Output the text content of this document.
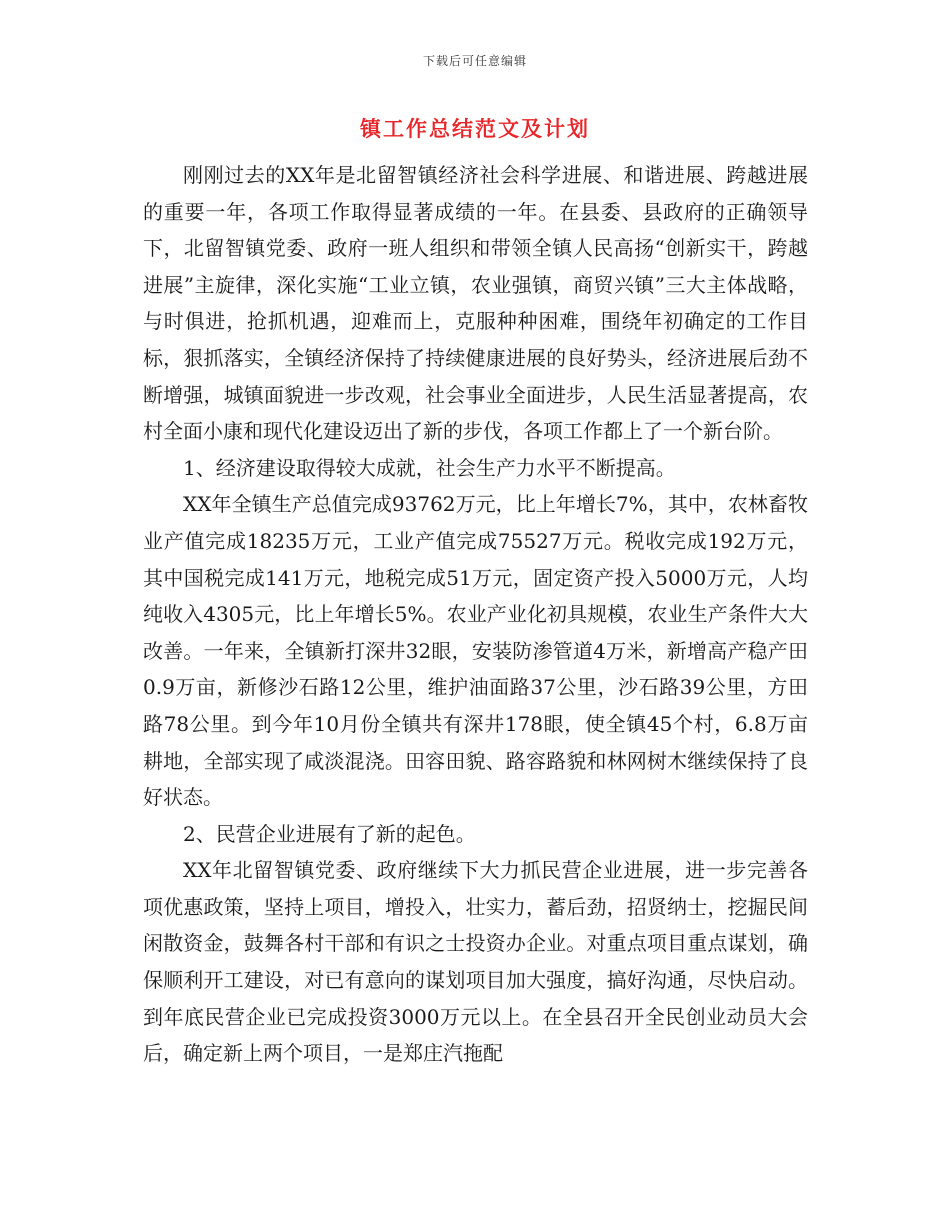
下载后可任意编辑
镇工作总结范文及计划

刚刚过去的XX年是北留智镇经济社会科学进展、和谐进展、跨越进展的重要一年，各项工作取得显著成绩的一年。在县委、县政府的正确领导下，北留智镇党委、政府一班人组织和带领全镇人民高扬“创新实干，跨越进展”主旋律，深化实施“工业立镇，农业强镇，商贸兴镇”三大主体战略，与时俱进，抢抓机遇，迎难而上，克服种种困难，围绕年初确定的工作目标，狠抓落实，全镇经济保持了持续健康进展的良好势头，经济进展后劲不断增强，城镇面貌进一步改观，社会事业全面进步，人民生活显著提高，农村全面小康和现代化建设迈出了新的步伐，各项工作都上了一个新台阶。

1、经济建设取得较大成就，社会生产力水平不断提高。

XX年全镇生产总值完成93762万元，比上年增长7%，其中，农林畜牧业产值完成18235万元，工业产值完成75527万元。税收完成192万元，其中国税完成141万元，地税完成51万元，固定资产投入5000万元，人均纯收入4305元，比上年增长5%。农业产业化初具规模，农业生产条件大大改善。一年来，全镇新打深井32眼，安装防渗管道4万米，新增高产稳产田0.9万亩，新修沙石路12公里，维护油面路37公里，沙石路39公里，方田路78公里。到今年10月份全镇共有深井178眼，使全镇45个村，6.8万亩耕地，全部实现了咸淡混浇。田容田貌、路容路貌和林网树木继续保持了良好状态。

2、民营企业进展有了新的起色。

XX年北留智镇党委、政府继续下大力抓民营企业进展，进一步完善各项优惠政策，坚持上项目，增投入，壮实力，蓄后劲，招贤纳士，挖掘民间闲散资金，鼓舞各村干部和有识之士投资办企业。对重点项目重点谋划，确保顺利开工建设，对已有意向的谋划项目加大强度，搞好沟通，尽快启动。到年底民营企业已完成投资3000万元以上。在全县召开全民创业动员大会后，确定新上两个项目，一是郑庄汽拖配
